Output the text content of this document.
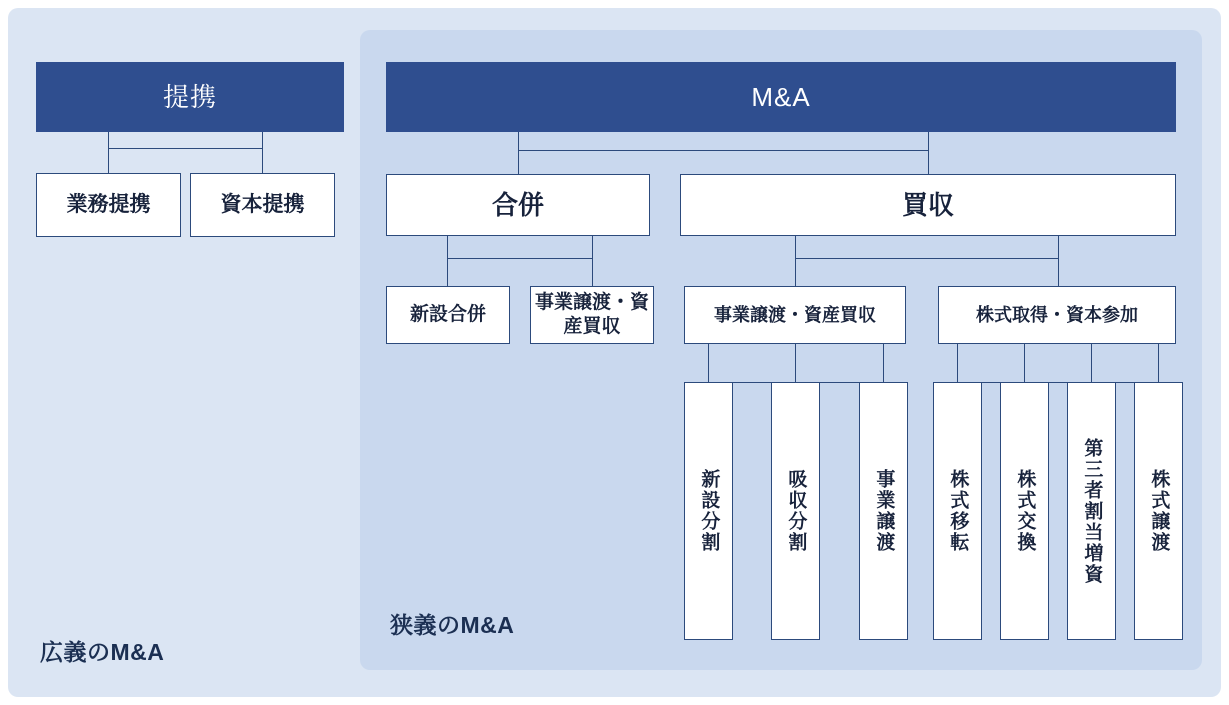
広義のM&A
狭義のM&A
提携
業務提携	資本提携
M&A
合併	買収
新設合併
事業譲渡・資産買収
事業譲渡・資産買収	株式取得・資本参加
新設分割	吸収分割	事業譲渡	株式移転	株式交換	第三者割当増資	株式譲渡
